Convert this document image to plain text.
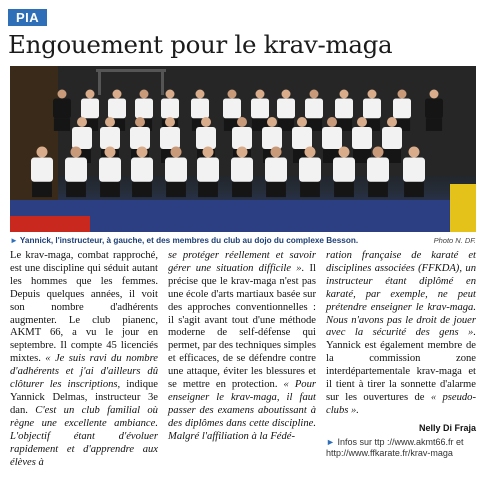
PIA
Engouement pour le krav-maga
► Yannick, l'instructeur, à gauche, et des membres du club au dojo du complexe Besson.	Photo N. DF.

Le krav-maga, combat rapproché, est une discipline qui séduit autant les hommes que les femmes. Depuis quelques années, il voit son nombre d'adhérents augmenter. Le club pianenc, AKMT 66, a vu le jour en septembre. Il compte 45 licenciés mixtes. « Je suis ravi du nombre d'adhérents et j'ai d'ailleurs dû clôturer les inscriptions, indique Yannick Delmas, instructeur 3e dan. C'est un club familial où règne une excellente ambiance. L'objectif étant d'évoluer rapidement et d'apprendre aux élèves à

se protéger réellement et savoir gérer une situation difficile ». Il précise que le krav-maga n'est pas une école d'arts martiaux basée sur des approches conventionnelles : il s'agit avant tout d'une méthode moderne de self-défense qui permet, par des techniques simples et efficaces, de se défendre contre une attaque, éviter les blessures et se mettre en protection. « Pour enseigner le krav-maga, il faut passer des examens aboutissant à des diplômes dans cette discipline. Malgré l'affiliation à la Fédé-

ration française de karaté et disciplines associées (FFKDA), un instructeur étant diplômé en karaté, par exemple, ne peut prétendre enseigner le krav-maga. Nous n'avons pas le droit de jouer avec la sécurité des gens ». Yannick est également membre de la commission zone interdépartementale krav-maga et il tient à tirer la sonnette d'alarme sur les ouvertures de « pseudo-clubs ».

Nelly Di Fraja

► Infos sur ttp ://www.akmt66.fr et http://www.ffkarate.fr/krav-maga
